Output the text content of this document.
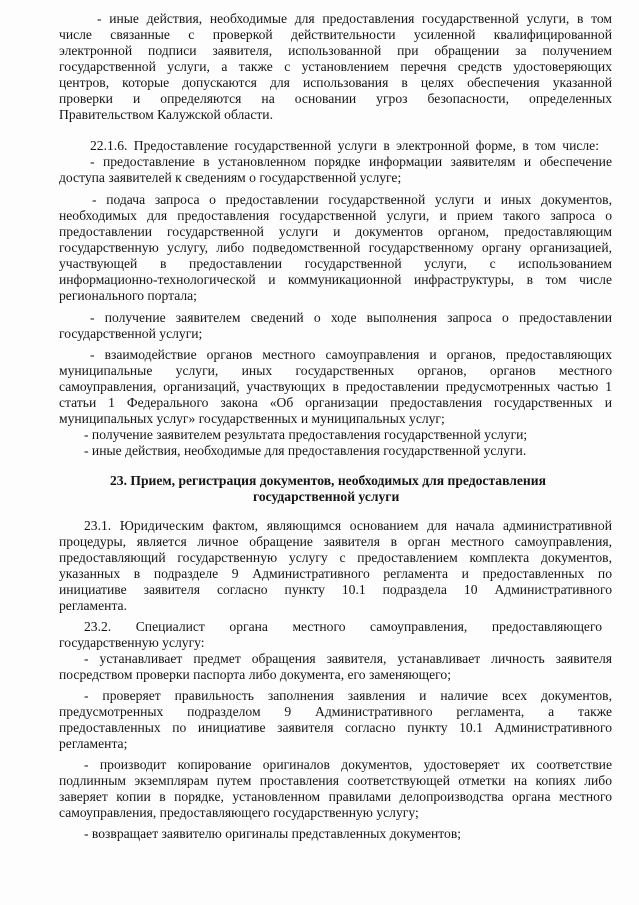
- иные действия, необходимые для предоставления государственной услуги, в том
числе связанные с проверкой действительности усиленной квалифицированной
электронной подписи заявителя, использованной при обращении за получением
государственной услуги, а также с установлением перечня средств удостоверяющих
центров, которые допускаются для использования в целях обеспечения указанной
проверки и определяются на основании угроз безопасности, определенных
Правительством Калужской области.
22.1.6. Предоставление государственной услуги в электронной форме, в том числе:
- предоставление в установленном порядке информации заявителям и обеспечение
доступа заявителей к сведениям о государственной услуге;
- подача запроса о предоставлении государственной услуги и иных документов,
необходимых для предоставления государственной услуги, и прием такого запроса о
предоставлении государственной услуги и документов органом, предоставляющим
государственную услугу, либо подведомственной государственному органу организацией,
участвующей в предоставлении государственной услуги, с использованием
информационно-технологической и коммуникационной инфраструктуры, в том числе
регионального портала;
- получение заявителем сведений о ходе выполнения запроса о предоставлении
государственной услуги;
- взаимодействие органов местного самоуправления и органов, предоставляющих
муниципальные услуги, иных государственных органов, органов местного
самоуправления, организаций, участвующих в предоставлении предусмотренных частью 1
статьи 1 Федерального закона «Об организации предоставления государственных и
муниципальных услуг» государственных и муниципальных услуг;
- получение заявителем результата предоставления государственной услуги;
- иные действия, необходимые для предоставления государственной услуги.
23. Прием, регистрация документов, необходимых для предоставления
государственной услуги
23.1. Юридическим фактом, являющимся основанием для начала административной
процедуры, является личное обращение заявителя в орган местного самоуправления,
предоставляющий государственную услугу с предоставлением комплекта документов,
указанных в подразделе 9 Административного регламента и предоставленных по
инициативе заявителя согласно пункту 10.1 подраздела 10 Административного
регламента.
23.2. Специалист органа местного самоуправления, предоставляющего
государственную услугу:
- устанавливает предмет обращения заявителя, устанавливает личность заявителя
посредством проверки паспорта либо документа, его заменяющего;
- проверяет правильность заполнения заявления и наличие всех документов,
предусмотренных подразделом 9 Административного регламента, а также
предоставленных по инициативе заявителя согласно пункту 10.1 Административного
регламента;
- производит копирование оригиналов документов, удостоверяет их соответствие
подлинным экземплярам путем проставления соответствующей отметки на копиях либо
заверяет копии в порядке, установленном правилами делопроизводства органа местного
самоуправления, предоставляющего государственную услугу;
- возвращает заявителю оригиналы представленных документов;
